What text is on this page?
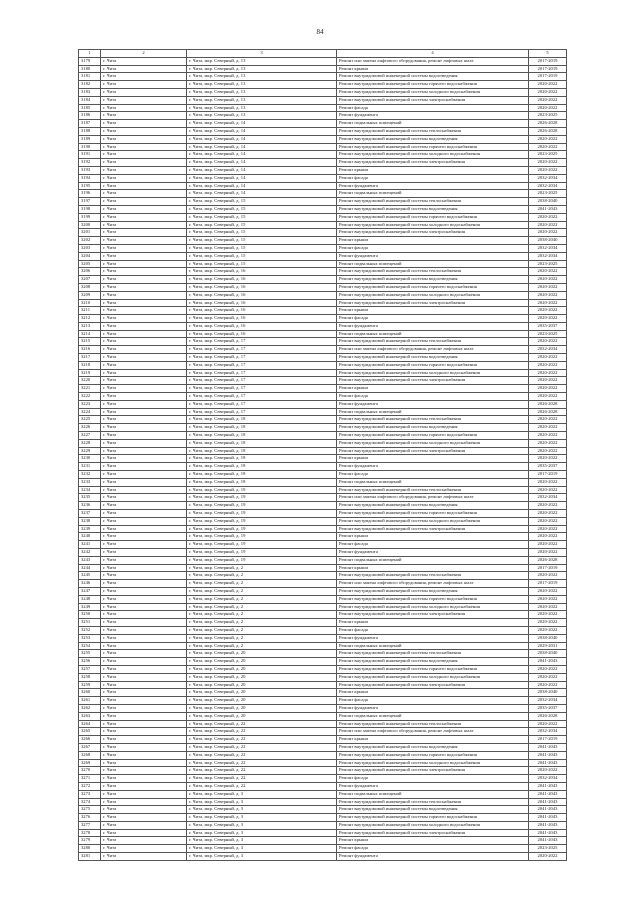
84
1	2	3	4	5
3179	г. Чита	г. Чита, мкр. Северный, д. 13	Ремонт или замена лифтового оборудования, ремонт лифтовых шахт	2017-2019
3180	г. Чита	г. Чита, мкр. Северный, д. 13	Ремонт крыши	2017-2019
3181	г. Чита	г. Чита, мкр. Северный, д. 13	Ремонт внутридомовой инженерной системы водоотведения	2017-2019
3182	г. Чита	г. Чита, мкр. Северный, д. 13	Ремонт внутридомовой инженерной системы горячего водоснабжения	2020-2022
3183	г. Чита	г. Чита, мкр. Северный, д. 13	Ремонт внутридомовой инженерной системы холодного водоснабжения	2020-2022
3184	г. Чита	г. Чита, мкр. Северный, д. 13	Ремонт внутридомовой инженерной системы электроснабжения	2020-2022
3185	г. Чита	г. Чита, мкр. Северный, д. 13	Ремонт фасада	2020-2022
3186	г. Чита	г. Чита, мкр. Северный, д. 13	Ремонт фундамента	2023-2025
3187	г. Чита	г. Чита, мкр. Северный, д. 14	Ремонт подвальных помещений	2026-2028
3188	г. Чита	г. Чита, мкр. Северный, д. 14	Ремонт внутридомовой инженерной системы теплоснабжения	2026-2028
3189	г. Чита	г. Чита, мкр. Северный, д. 14	Ремонт внутридомовой инженерной системы водоотведения	2020-2022
3190	г. Чита	г. Чита, мкр. Северный, д. 14	Ремонт внутридомовой инженерной системы горячего водоснабжения	2020-2022
3191	г. Чита	г. Чита, мкр. Северный, д. 14	Ремонт внутридомовой инженерной системы холодного водоснабжения	2023-2025
3192	г. Чита	г. Чита, мкр. Северный, д. 14	Ремонт внутридомовой инженерной системы электроснабжения	2020-2022
3193	г. Чита	г. Чита, мкр. Северный, д. 14	Ремонт крыши	2020-2022
3194	г. Чита	г. Чита, мкр. Северный, д. 14	Ремонт фасада	2032-2034
3195	г. Чита	г. Чита, мкр. Северный, д. 14	Ремонт фундамента	2032-2034
3196	г. Чита	г. Чита, мкр. Северный, д. 14	Ремонт подвальных помещений	2023-2025
3197	г. Чита	г. Чита, мкр. Северный, д. 15	Ремонт внутридомовой инженерной системы теплоснабжения	2038-2040
3198	г. Чита	г. Чита, мкр. Северный, д. 15	Ремонт внутридомовой инженерной системы водоотведения	2041-2043
3199	г. Чита	г. Чита, мкр. Северный, д. 15	Ремонт внутридомовой инженерной системы горячего водоснабжения	2020-2022
3200	г. Чита	г. Чита, мкр. Северный, д. 15	Ремонт внутридомовой инженерной системы холодного водоснабжения	2020-2022
3201	г. Чита	г. Чита, мкр. Северный, д. 15	Ремонт внутридомовой инженерной системы электроснабжения	2020-2022
3202	г. Чита	г. Чита, мкр. Северный, д. 15	Ремонт крыши	2038-2040
3203	г. Чита	г. Чита, мкр. Северный, д. 15	Ремонт фасада	2032-2034
3204	г. Чита	г. Чита, мкр. Северный, д. 15	Ремонт фундамента	2032-2034
3205	г. Чита	г. Чита, мкр. Северный, д. 15	Ремонт подвальных помещений	2023-2025
3206	г. Чита	г. Чита, мкр. Северный, д. 16	Ремонт внутридомовой инженерной системы теплоснабжения	2020-2022
3207	г. Чита	г. Чита, мкр. Северный, д. 16	Ремонт внутридомовой инженерной системы водоотведения	2020-2022
3208	г. Чита	г. Чита, мкр. Северный, д. 16	Ремонт внутридомовой инженерной системы горячего водоснабжения	2020-2022
3209	г. Чита	г. Чита, мкр. Северный, д. 16	Ремонт внутридомовой инженерной системы холодного водоснабжения	2020-2022
3210	г. Чита	г. Чита, мкр. Северный, д. 16	Ремонт внутридомовой инженерной системы электроснабжения	2020-2022
3211	г. Чита	г. Чита, мкр. Северный, д. 16	Ремонт крыши	2020-2022
3212	г. Чита	г. Чита, мкр. Северный, д. 16	Ремонт фасада	2020-2022
3213	г. Чита	г. Чита, мкр. Северный, д. 16	Ремонт фундамента	2035-2037
3214	г. Чита	г. Чита, мкр. Северный, д. 16	Ремонт подвальных помещений	2023-2025
3215	г. Чита	г. Чита, мкр. Северный, д. 17	Ремонт внутридомовой инженерной системы теплоснабжения	2020-2022
3216	г. Чита	г. Чита, мкр. Северный, д. 17	Ремонт или замена лифтового оборудования, ремонт лифтовых шахт	2032-2034
3217	г. Чита	г. Чита, мкр. Северный, д. 17	Ремонт внутридомовой инженерной системы водоотведения	2020-2022
3218	г. Чита	г. Чита, мкр. Северный, д. 17	Ремонт внутридомовой инженерной системы горячего водоснабжения	2020-2022
3219	г. Чита	г. Чита, мкр. Северный, д. 17	Ремонт внутридомовой инженерной системы холодного водоснабжения	2020-2022
3220	г. Чита	г. Чита, мкр. Северный, д. 17	Ремонт внутридомовой инженерной системы электроснабжения	2020-2022
3221	г. Чита	г. Чита, мкр. Северный, д. 17	Ремонт крыши	2020-2022
3222	г. Чита	г. Чита, мкр. Северный, д. 17	Ремонт фасада	2020-2022
3223	г. Чита	г. Чита, мкр. Северный, д. 17	Ремонт фундамента	2026-2028
3224	г. Чита	г. Чита, мкр. Северный, д. 17	Ремонт подвальных помещений	2026-2028
3225	г. Чита	г. Чита, мкр. Северный, д. 18	Ремонт внутридомовой инженерной системы теплоснабжения	2020-2022
3226	г. Чита	г. Чита, мкр. Северный, д. 18	Ремонт внутридомовой инженерной системы водоотведения	2020-2022
3227	г. Чита	г. Чита, мкр. Северный, д. 18	Ремонт внутридомовой инженерной системы горячего водоснабжения	2020-2022
3228	г. Чита	г. Чита, мкр. Северный, д. 18	Ремонт внутридомовой инженерной системы холодного водоснабжения	2020-2022
3229	г. Чита	г. Чита, мкр. Северный, д. 18	Ремонт внутридомовой инженерной системы электроснабжения	2020-2022
3230	г. Чита	г. Чита, мкр. Северный, д. 18	Ремонт крыши	2020-2022
3231	г. Чита	г. Чита, мкр. Северный, д. 18	Ремонт фундамента	2035-2037
3232	г. Чита	г. Чита, мкр. Северный, д. 18	Ремонт фасада	2017-2019
3233	г. Чита	г. Чита, мкр. Северный, д. 18	Ремонт подвальных помещений	2020-2022
3234	г. Чита	г. Чита, мкр. Северный, д. 19	Ремонт внутридомовой инженерной системы теплоснабжения	2020-2022
3235	г. Чита	г. Чита, мкр. Северный, д. 19	Ремонт или замена лифтового оборудования, ремонт лифтовых шахт	2032-2034
3236	г. Чита	г. Чита, мкр. Северный, д. 19	Ремонт внутридомовой инженерной системы водоотведения	2020-2022
3237	г. Чита	г. Чита, мкр. Северный, д. 19	Ремонт внутридомовой инженерной системы горячего водоснабжения	2020-2022
3238	г. Чита	г. Чита, мкр. Северный, д. 19	Ремонт внутридомовой инженерной системы холодного водоснабжения	2020-2022
3239	г. Чита	г. Чита, мкр. Северный, д. 19	Ремонт внутридомовой инженерной системы электроснабжения	2020-2022
3240	г. Чита	г. Чита, мкр. Северный, д. 19	Ремонт крыши	2020-2022
3241	г. Чита	г. Чита, мкр. Северный, д. 19	Ремонт фасада	2020-2022
3242	г. Чита	г. Чита, мкр. Северный, д. 19	Ремонт фундамента	2020-2022
3243	г. Чита	г. Чита, мкр. Северный, д. 19	Ремонт подвальных помещений	2026-2028
3244	г. Чита	г. Чита, мкр. Северный, д. 2	Ремонт крыши	2017-2019
3245	г. Чита	г. Чита, мкр. Северный, д. 2	Ремонт внутридомовой инженерной системы теплоснабжения	2020-2022
3246	г. Чита	г. Чита, мкр. Северный, д. 2	Ремонт или замена лифтового оборудования, ремонт лифтовых шахт	2017-2019
3247	г. Чита	г. Чита, мкр. Северный, д. 2	Ремонт внутридомовой инженерной системы водоотведения	2020-2022
3248	г. Чита	г. Чита, мкр. Северный, д. 2	Ремонт внутридомовой инженерной системы горячего водоснабжения	2020-2022
3249	г. Чита	г. Чита, мкр. Северный, д. 2	Ремонт внутридомовой инженерной системы холодного водоснабжения	2020-2022
3250	г. Чита	г. Чита, мкр. Северный, д. 2	Ремонт внутридомовой инженерной системы электроснабжения	2020-2022
3251	г. Чита	г. Чита, мкр. Северный, д. 2	Ремонт крыши	2020-2022
3252	г. Чита	г. Чита, мкр. Северный, д. 2	Ремонт фасада	2020-2022
3253	г. Чита	г. Чита, мкр. Северный, д. 2	Ремонт фундамента	2038-2040
3254	г. Чита	г. Чита, мкр. Северный, д. 2	Ремонт подвальных помещений	2029-2031
3255	г. Чита	г. Чита, мкр. Северный, д. 20	Ремонт внутридомовой инженерной системы теплоснабжения	2038-2040
3256	г. Чита	г. Чита, мкр. Северный, д. 20	Ремонт внутридомовой инженерной системы водоотведения	2041-2043
3257	г. Чита	г. Чита, мкр. Северный, д. 20	Ремонт внутридомовой инженерной системы горячего водоснабжения	2020-2022
3258	г. Чита	г. Чита, мкр. Северный, д. 20	Ремонт внутридомовой инженерной системы холодного водоснабжения	2020-2022
3259	г. Чита	г. Чита, мкр. Северный, д. 20	Ремонт внутридомовой инженерной системы электроснабжения	2020-2022
3260	г. Чита	г. Чита, мкр. Северный, д. 20	Ремонт крыши	2038-2040
3261	г. Чита	г. Чита, мкр. Северный, д. 20	Ремонт фасада	2032-2034
3262	г. Чита	г. Чита, мкр. Северный, д. 20	Ремонт фундамента	2035-2037
3263	г. Чита	г. Чита, мкр. Северный, д. 20	Ремонт подвальных помещений	2026-2028
3264	г. Чита	г. Чита, мкр. Северный, д. 22	Ремонт внутридомовой инженерной системы теплоснабжения	2020-2022
3265	г. Чита	г. Чита, мкр. Северный, д. 22	Ремонт или замена лифтового оборудования, ремонт лифтовых шахт	2032-2034
3266	г. Чита	г. Чита, мкр. Северный, д. 22	Ремонт крыши	2017-2019
3267	г. Чита	г. Чита, мкр. Северный, д. 22	Ремонт внутридомовой инженерной системы водоотведения	2041-2043
3268	г. Чита	г. Чита, мкр. Северный, д. 22	Ремонт внутридомовой инженерной системы горячего водоснабжения	2041-2043
3269	г. Чита	г. Чита, мкр. Северный, д. 22	Ремонт внутридомовой инженерной системы холодного водоснабжения	2041-2043
3270	г. Чита	г. Чита, мкр. Северный, д. 22	Ремонт внутридомовой инженерной системы электроснабжения	2020-2022
3271	г. Чита	г. Чита, мкр. Северный, д. 22	Ремонт фасада	2032-2034
3272	г. Чита	г. Чита, мкр. Северный, д. 22	Ремонт фундамента	2041-2043
3273	г. Чита	г. Чита, мкр. Северный, д. 3	Ремонт подвальных помещений	2041-2043
3274	г. Чита	г. Чита, мкр. Северный, д. 3	Ремонт внутридомовой инженерной системы теплоснабжения	2041-2043
3275	г. Чита	г. Чита, мкр. Северный, д. 3	Ремонт внутридомовой инженерной системы водоотведения	2041-2043
3276	г. Чита	г. Чита, мкр. Северный, д. 3	Ремонт внутридомовой инженерной системы горячего водоснабжения	2041-2043
3277	г. Чита	г. Чита, мкр. Северный, д. 3	Ремонт внутридомовой инженерной системы холодного водоснабжения	2041-2043
3278	г. Чита	г. Чита, мкр. Северный, д. 3	Ремонт внутридомовой инженерной системы электроснабжения	2041-2043
3279	г. Чита	г. Чита, мкр. Северный, д. 3	Ремонт крыши	2041-2043
3280	г. Чита	г. Чита, мкр. Северный, д. 3	Ремонт фасада	2023-2025
3281	г. Чита	г. Чита, мкр. Северный, д. 3	Ремонт фундамента	2020-2022
